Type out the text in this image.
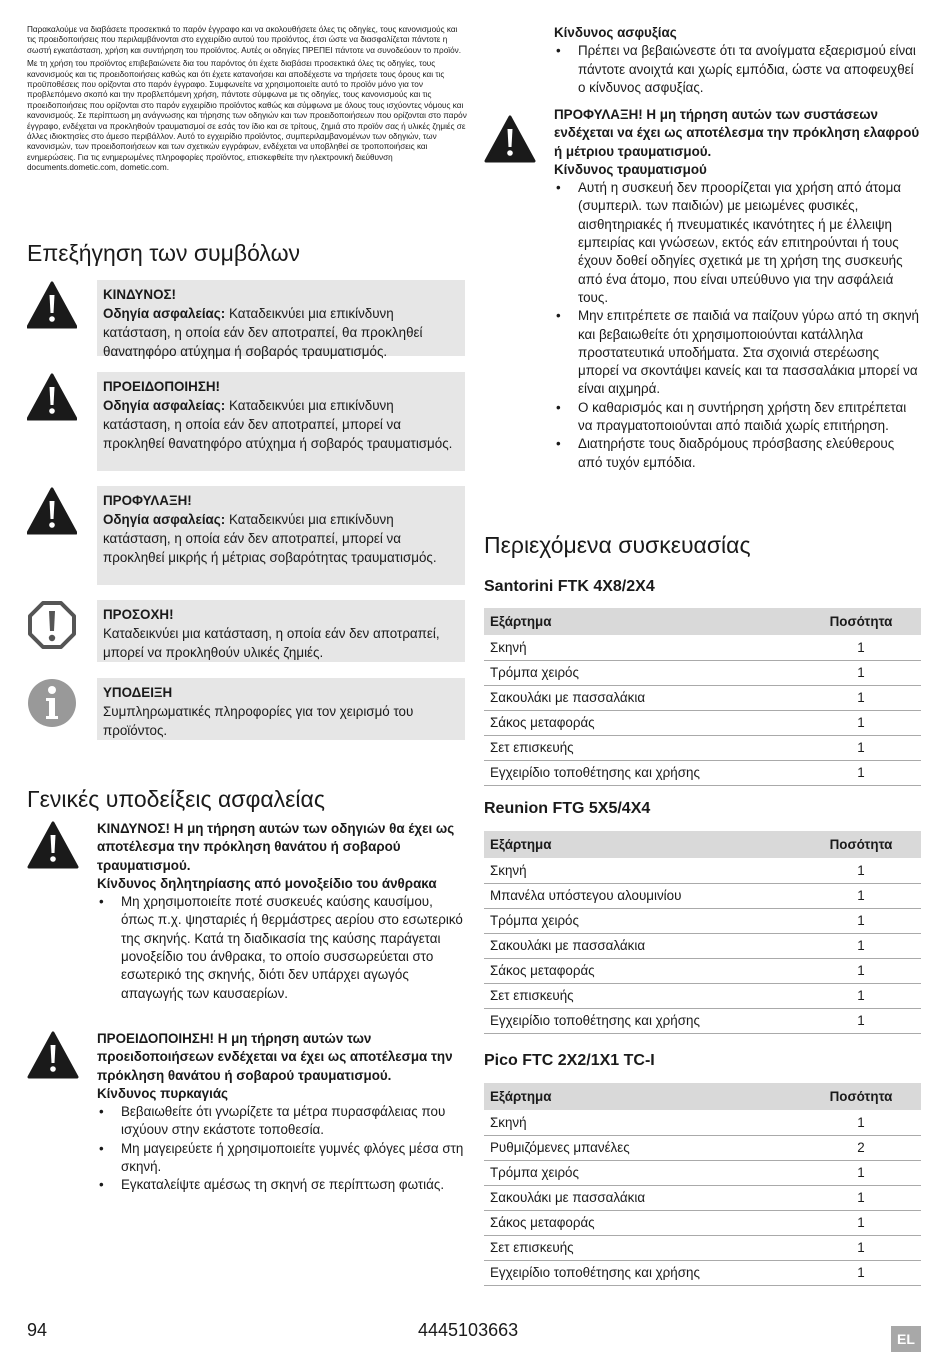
Παρακαλούμε να διαβάσετε προσεκτικά το παρόν έγγραφο και να ακολουθήσετε όλες τις οδηγίες, τους κανονισμούς και τις προειδοποιήσεις που περιλαμβάνονται στο εγχειρίδιο αυτού του προϊόντος, έτσι ώστε να διασφαλίζεται πάντοτε η σωστή εγκατάσταση, χρήση και συντήρηση του προϊόντος. Αυτές οι οδηγίες ΠΡΕΠΕΙ πάντοτε να συνοδεύουν το προϊόν.

Με τη χρήση του προϊόντος επιβεβαιώνετε δια του παρόντος ότι έχετε διαβάσει προσεκτικά όλες τις οδηγίες, τους κανονισμούς και τις προειδοποιήσεις καθώς και ότι έχετε κατανοήσει και αποδέχεστε να τηρήσετε τους όρους και τις προϋποθέσεις που ορίζονται στο παρόν έγγραφο. Συμφωνείτε να χρησιμοποιείτε αυτό το προϊόν μόνο για τον προβλεπόμενο σκοπό και την προβλεπόμενη χρήση, πάντοτε σύμφωνα με τις οδηγίες, τους κανονισμούς και τις προειδοποιήσεις που ορίζονται στο παρόν εγχειρίδιο προϊόντος καθώς και σύμφωνα με όλους τους ισχύοντες νόμους και κανονισμούς. Σε περίπτωση μη ανάγνωσης και τήρησης των οδηγιών και των προειδοποιήσεων που ορίζονται στο παρόν έγγραφο, ενδέχεται να προκληθούν τραυματισμοί σε εσάς τον ίδιο και σε τρίτους, ζημιά στο προϊόν σας ή υλικές ζημιές σε άλλες ιδιοκτησίες στο άμεσο περιβάλλον. Αυτό το εγχειρίδιο προϊόντος, συμπεριλαμβανομένων των οδηγιών, των κανονισμών, των προειδοποιήσεων και των σχετικών εγγράφων, ενδέχεται να υποβληθεί σε τροποποιήσεις και ενημερώσεις. Για τις ενημερωμένες πληροφορίες προϊόντος, επισκεφθείτε την ηλεκτρονική διεύθυνση documents.dometic.com, dometic.com.

Επεξήγηση των συμβόλων
ΚΙΝΔΥΝΟΣ!
Οδηγία ασφαλείας: Καταδεικνύει μια επικίνδυνη κατάσταση, η οποία εάν δεν αποτραπεί, θα προκληθεί θανατηφόρο ατύχημα ή σοβαρός τραυματισμός.
ΠΡΟΕΙΔΟΠΟΙΗΣΗ!
Οδηγία ασφαλείας: Καταδεικνύει μια επικίνδυνη κατάσταση, η οποία εάν δεν αποτραπεί, μπορεί να προκληθεί θανατηφόρο ατύχημα ή σοβαρός τραυματισμός.
ΠΡΟΦΥΛΑΞΗ!
Οδηγία ασφαλείας: Καταδεικνύει μια επικίνδυνη κατάσταση, η οποία εάν δεν αποτραπεί, μπορεί να προκληθεί μικρής ή μέτριας σοβαρότητας τραυματισμός.
ΠΡΟΣΟΧΗ!
Καταδεικνύει μια κατάσταση, η οποία εάν δεν αποτραπεί, μπορεί να προκληθούν υλικές ζημιές.
ΥΠΟΔΕΙΞΗ
Συμπληρωματικές πληροφορίες για τον χειρισμό του προϊόντος.
Γενικές υποδείξεις ασφαλείας
ΚΙΝΔΥΝΟΣ! Η μη τήρηση αυτών των οδηγιών θα έχει ως αποτέλεσμα την πρόκληση θανάτου ή σοβαρού τραυματισμού.
Κίνδυνος δηλητηρίασης από μονοξείδιο του άνθρακα
• Μη χρησιμοποιείτε ποτέ συσκευές καύσης καυσίμου, όπως π.χ. ψησταριές ή θερμάστρες αερίου στο εσωτερικό της σκηνής. Κατά τη διαδικασία της καύσης παράγεται μονοξείδιο του άνθρακα, το οποίο συσσωρεύεται στο εσωτερικό της σκηνής, διότι δεν υπάρχει αγωγός απαγωγής των καυσαερίων.
ΠΡΟΕΙΔΟΠΟΙΗΣΗ! Η μη τήρηση αυτών των προειδοποιήσεων ενδέχεται να έχει ως αποτέλεσμα την πρόκληση θανάτου ή σοβαρού τραυματισμού.
Κίνδυνος πυρκαγιάς
• Βεβαιωθείτε ότι γνωρίζετε τα μέτρα πυρασφάλειας που ισχύουν στην εκάστοτε τοποθεσία.
• Μη μαγειρεύετε ή χρησιμοποιείτε γυμνές φλόγες μέσα στη σκηνή.
• Εγκαταλείψτε αμέσως τη σκηνή σε περίπτωση φωτιάς.
Κίνδυνος ασφυξίας
• Πρέπει να βεβαιώνεστε ότι τα ανοίγματα εξαερισμού είναι πάντοτε ανοιχτά και χωρίς εμπόδια, ώστε να αποφευχθεί ο κίνδυνος ασφυξίας.
ΠΡΟΦΥΛΑΞΗ! Η μη τήρηση αυτών των συστάσεων ενδέχεται να έχει ως αποτέλεσμα την πρόκληση ελαφρού ή μέτριου τραυματισμού.
Κίνδυνος τραυματισμού
• Αυτή η συσκευή δεν προορίζεται για χρήση από άτομα (συμπεριλ. των παιδιών) με μειωμένες φυσικές, αισθητηριακές ή πνευματικές ικανότητες ή με έλλειψη εμπειρίας και γνώσεων, εκτός εάν επιτηρούνται ή τους έχουν δοθεί οδηγίες σχετικά με τη χρήση της συσκευής από ένα άτομο, που είναι υπεύθυνο για την ασφάλειά τους.
• Μην επιτρέπετε σε παιδιά να παίζουν γύρω από τη σκηνή και βεβαιωθείτε ότι χρησιμοποιούνται κατάλληλα προστατευτικά υποδήματα. Στα σχοινιά στερέωσης μπορεί να σκοντάψει κανείς και τα πασσαλάκια μπορεί να είναι αιχμηρά.
• Ο καθαρισμός και η συντήρηση χρήστη δεν επιτρέπεται να πραγματοποιούνται από παιδιά χωρίς επιτήρηση.
• Διατηρήστε τους διαδρόμους πρόσβασης ελεύθερους από τυχόν εμπόδια.
Περιεχόμενα συσκευασίας
Santorini FTK 4X8/2X4
Εξάρτημα	Ποσότητα
Σκηνή	1
Τρόμπα χειρός	1
Σακουλάκι με πασσαλάκια	1
Σάκος μεταφοράς	1
Σετ επισκευής	1
Εγχειρίδιο τοποθέτησης και χρήσης	1
Reunion FTG 5X5/4X4
Εξάρτημα	Ποσότητα
Σκηνή	1
Μπανέλα υπόστεγου αλουμινίου	1
Τρόμπα χειρός	1
Σακουλάκι με πασσαλάκια	1
Σάκος μεταφοράς	1
Σετ επισκευής	1
Εγχειρίδιο τοποθέτησης και χρήσης	1
Pico FTC 2X2/1X1 TC-I
Εξάρτημα	Ποσότητα
Σκηνή	1
Ρυθμιζόμενες μπανέλες	2
Τρόμπα χειρός	1
Σακουλάκι με πασσαλάκια	1
Σάκος μεταφοράς	1
Σετ επισκευής	1
Εγχειρίδιο τοποθέτησης και χρήσης	1
94	4445103663	EL
